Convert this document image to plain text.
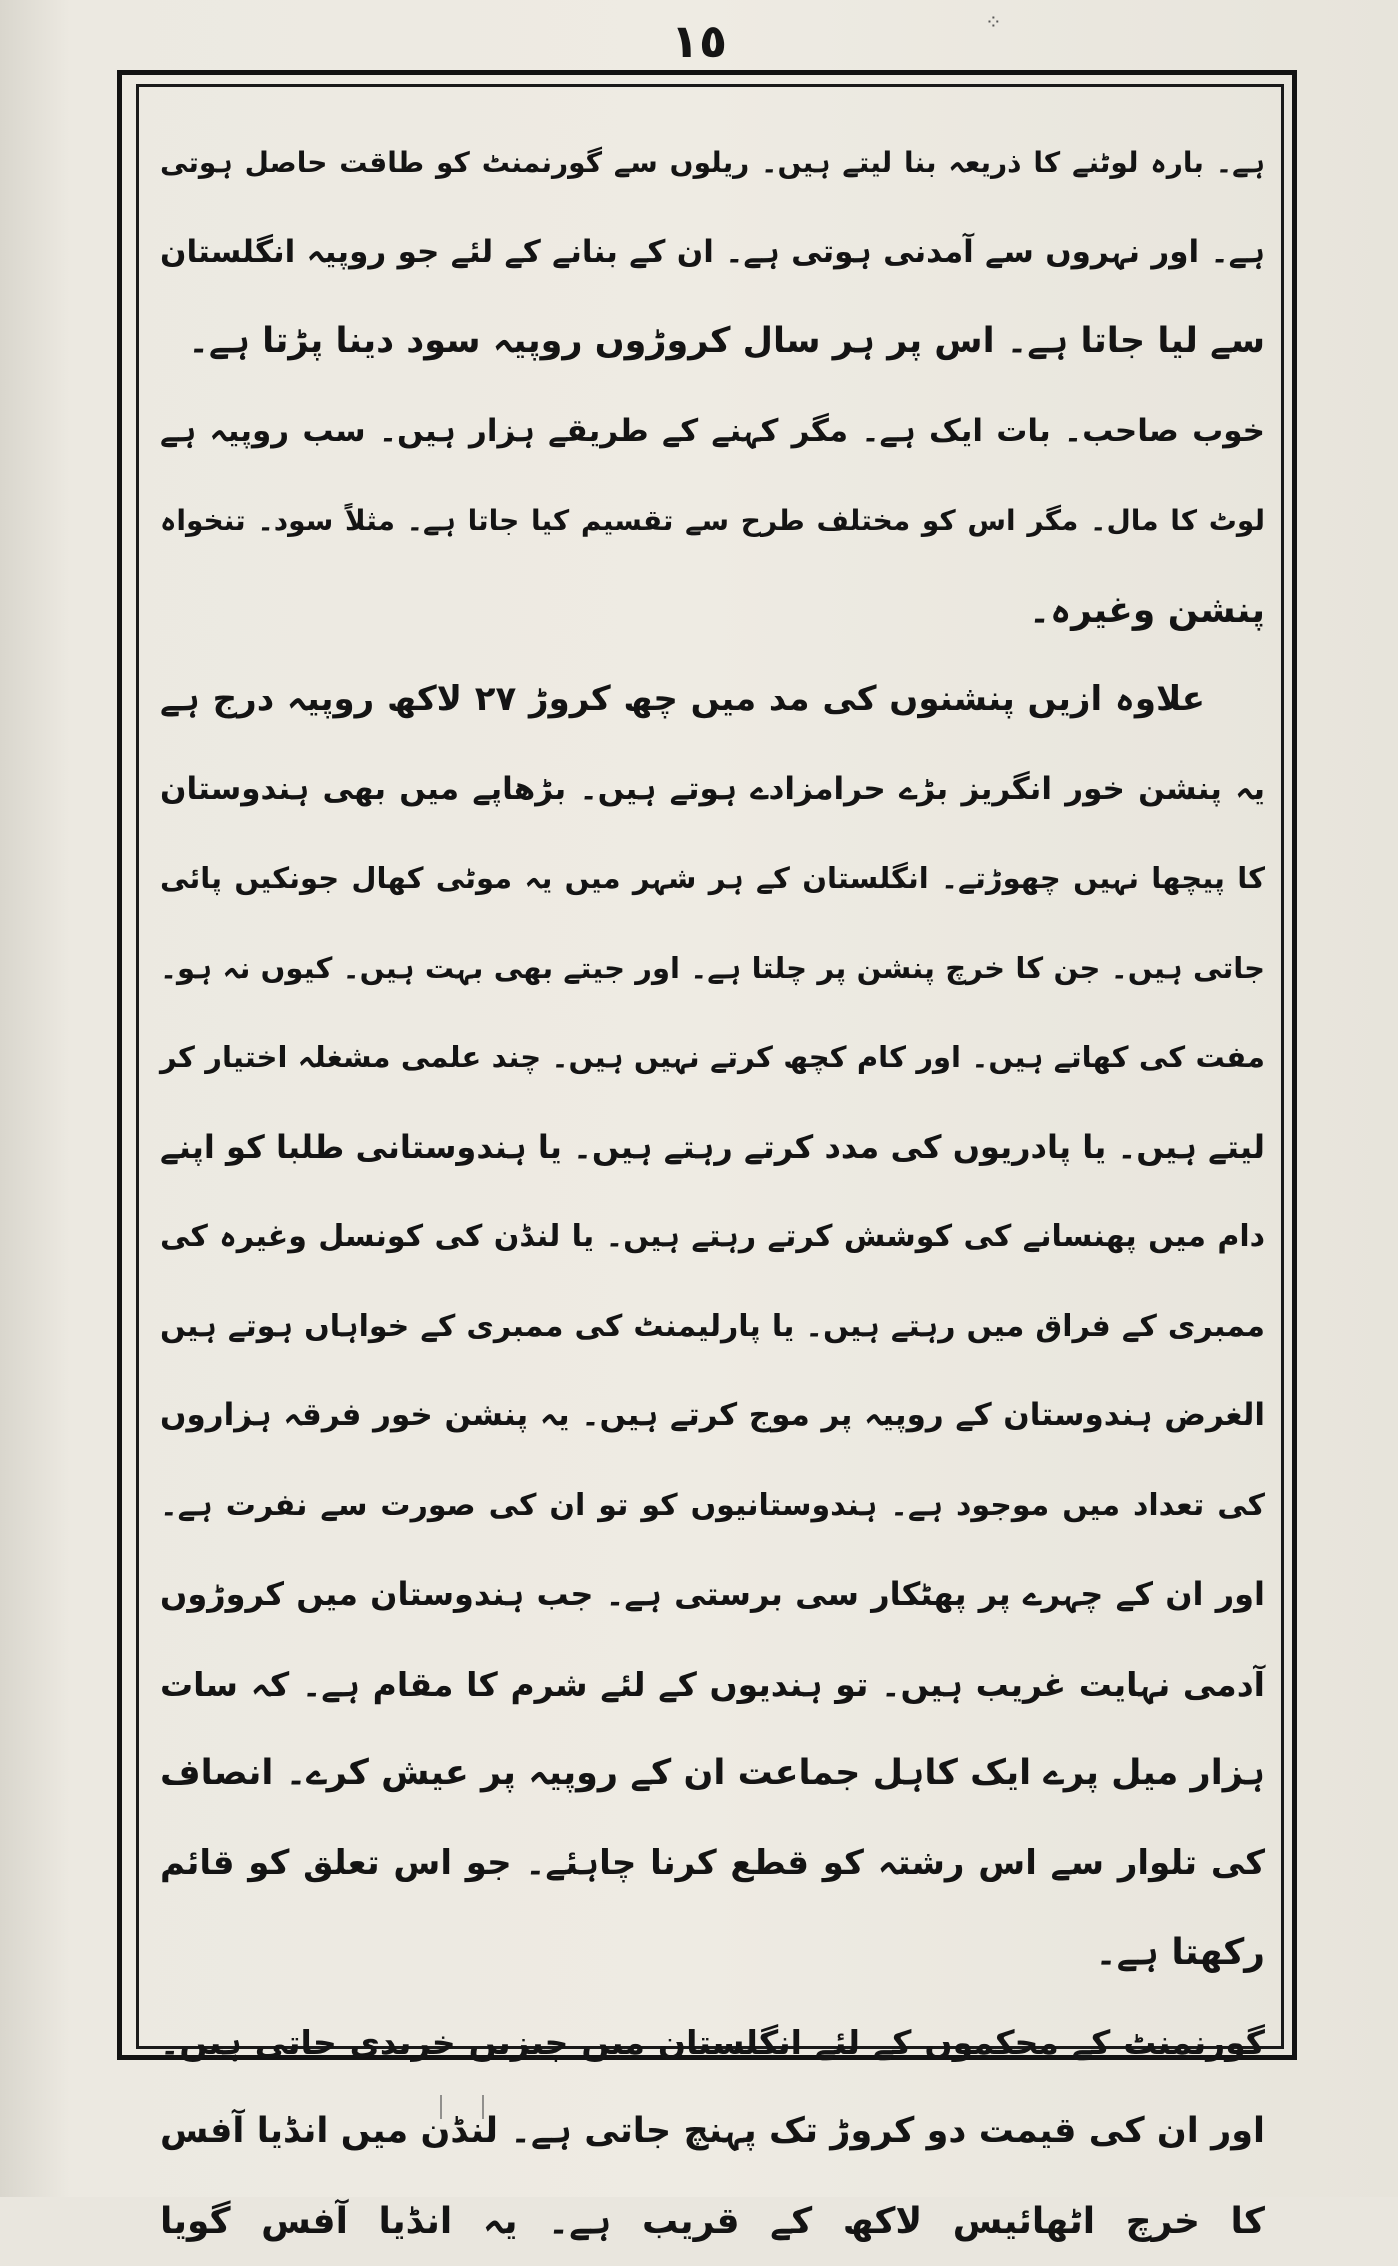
⁘
١٥
ہے۔ بارہ لوٹنے کا ذریعہ بنا لیتے ہیں۔ ریلوں سے گورنمنٹ کو طاقت حاصل ہوتی
ہے۔ اور نہروں سے آمدنی ہوتی ہے۔ ان کے بنانے کے لئے جو روپیہ انگلستان
سے لیا جاتا ہے۔ اس پر ہر سال کروڑوں روپیہ سود دینا پڑتا ہے۔
خوب صاحب۔ بات ایک ہے۔ مگر کہنے کے طریقے ہزار ہیں۔ سب روپیہ ہے
لوٹ کا مال۔ مگر اس کو مختلف طرح سے تقسیم کیا جاتا ہے۔ مثلاً سود۔ تنخواہ
پنشن وغیرہ۔
علاوہ ازیں پنشنوں کی مد میں چھ کروڑ ۲۷ لاکھ روپیہ درج ہے
یہ پنشن خور انگریز بڑے حرامزادے ہوتے ہیں۔ بڑھاپے میں بھی ہندوستان
کا پیچھا نہیں چھوڑتے۔ انگلستان کے ہر شہر میں یہ موٹی کھال جونکیں پائی
جاتی ہیں۔ جن کا خرچ پنشن پر چلتا ہے۔ اور جیتے بھی بہت ہیں۔ کیوں نہ ہو۔
مفت کی کھاتے ہیں۔ اور کام کچھ کرتے نہیں ہیں۔ چند علمی مشغلہ اختیار کر
لیتے ہیں۔ یا پادریوں کی مدد کرتے رہتے ہیں۔ یا ہندوستانی طلبا کو اپنے
دام میں پھنسانے کی کوشش کرتے رہتے ہیں۔ یا لنڈن کی کونسل وغیرہ کی
ممبری کے فراق میں رہتے ہیں۔ یا پارلیمنٹ کی ممبری کے خواہاں ہوتے ہیں
الغرض ہندوستان کے روپیہ پر موج کرتے ہیں۔ یہ پنشن خور فرقہ ہزاروں
کی تعداد میں موجود ہے۔ ہندوستانیوں کو تو ان کی صورت سے نفرت ہے۔
اور ان کے چہرے پر پھٹکار سی برستی ہے۔ جب ہندوستان میں کروڑوں
آدمی نہایت غریب ہیں۔ تو ہندیوں کے لئے شرم کا مقام ہے۔ کہ سات
ہزار میل پرے ایک کاہل جماعت ان کے روپیہ پر عیش کرے۔ انصاف
کی تلوار سے اس رشتہ کو قطع کرنا چاہئے۔ جو اس تعلق کو قائم
رکھتا ہے۔
گورنمنٹ کے محکموں کے لئے انگلستان میں چیزیں خریدی جاتی ہیں۔
اور ان کی قیمت دو کروڑ تک پہنچ جاتی ہے۔ لنڈن میں انڈیا آفس
کا خرچ اٹھائیس لاکھ کے قریب ہے۔ یہ انڈیا آفس گویا
